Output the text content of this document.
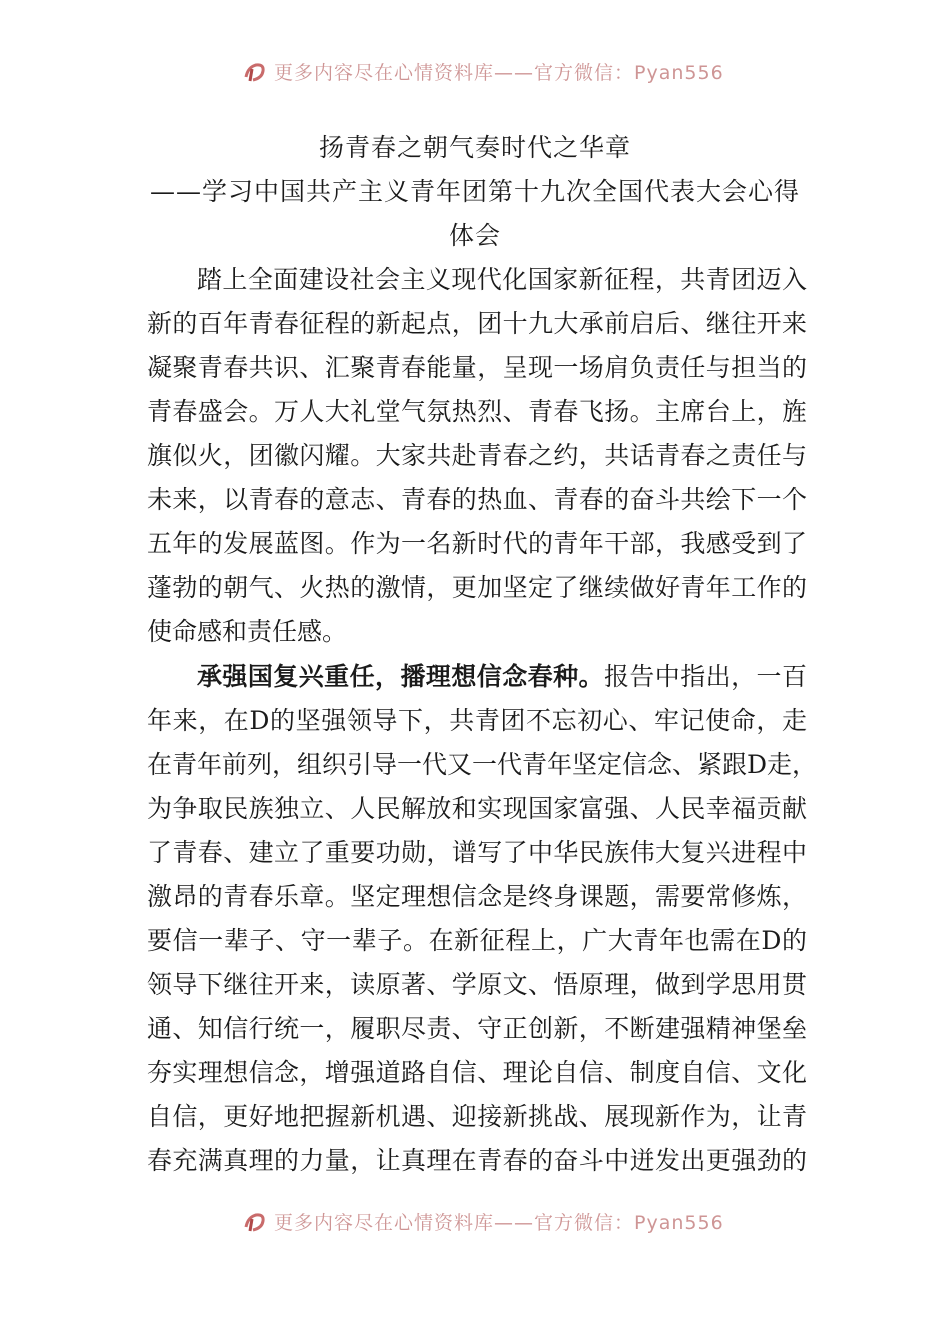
更多内容尽在心情资料库——官方微信：Pyan556
扬青春之朝气奏时代之华章
——学习中国共产主义青年团第十九次全国代表大会心得
体会
踏上全面建设社会主义现代化国家新征程，共青团迈入
新的百年青春征程的新起点，团十九大承前启后、继往开来
凝聚青春共识、汇聚青春能量，呈现一场肩负责任与担当的
青春盛会。万人大礼堂气氛热烈、青春飞扬。主席台上，旌
旗似火，团徽闪耀。大家共赴青春之约，共话青春之责任与
未来，以青春的意志、青春的热血、青春的奋斗共绘下一个
五年的发展蓝图。作为一名新时代的青年干部，我感受到了
蓬勃的朝气、火热的激情，更加坚定了继续做好青年工作的
使命感和责任感。
承强国复兴重任，播理想信念春种。报告中指出，一百
年来，在D的坚强领导下，共青团不忘初心、牢记使命，走
在青年前列，组织引导一代又一代青年坚定信念、紧跟D走，
为争取民族独立、人民解放和实现国家富强、人民幸福贡献
了青春、建立了重要功勋，谱写了中华民族伟大复兴进程中
激昂的青春乐章。坚定理想信念是终身课题，需要常修炼，
要信一辈子、守一辈子。在新征程上，广大青年也需在D的
领导下继往开来，读原著、学原文、悟原理，做到学思用贯
通、知信行统一，履职尽责、守正创新，不断建强精神堡垒
夯实理想信念，增强道路自信、理论自信、制度自信、文化
自信，更好地把握新机遇、迎接新挑战、展现新作为，让青
春充满真理的力量，让真理在青春的奋斗中迸发出更强劲的
更多内容尽在心情资料库——官方微信：Pyan556
